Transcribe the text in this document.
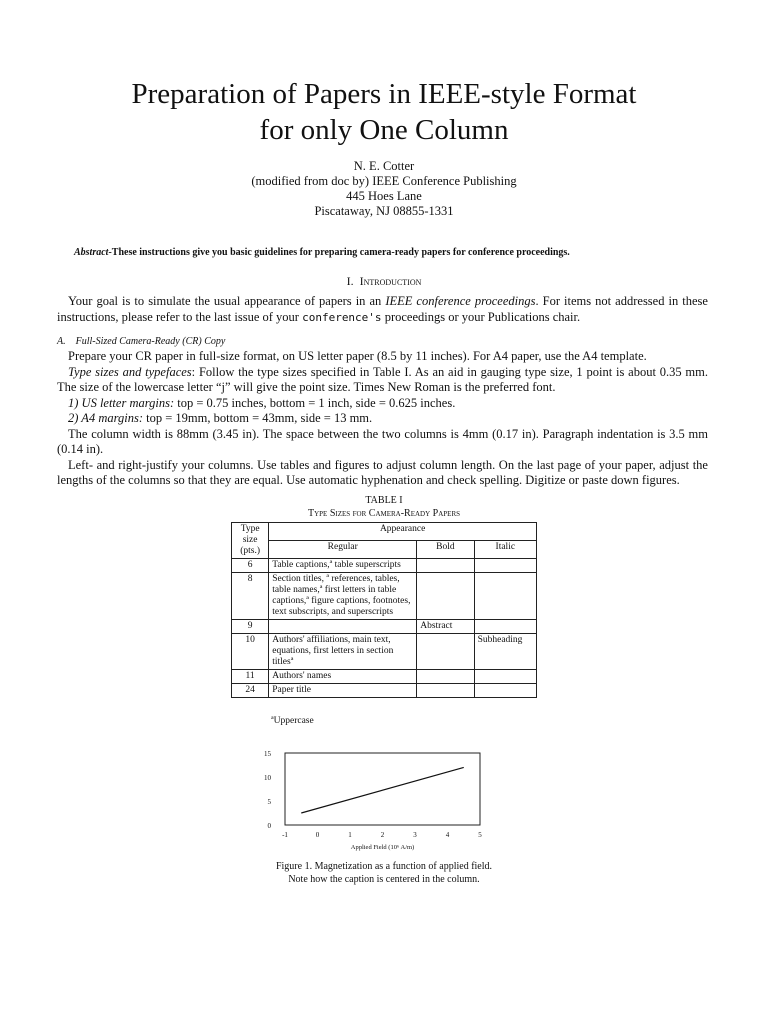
Preparation of Papers in IEEE-style Format
for only One Column
N. E. Cotter
(modified from doc by) IEEE Conference Publishing
445 Hoes Lane
Piscataway, NJ 08855-1331
Abstract-These instructions give you basic guidelines for preparing camera-ready papers for conference proceedings.
I. Introduction

Your goal is to simulate the usual appearance of papers in an IEEE conference proceedings. For items not addressed in these instructions, please refer to the last issue of your conference's proceedings or your Publications chair.

A.    Full-Sized Camera-Ready (CR) Copy

Prepare your CR paper in full-size format, on US letter paper (8.5 by 11 inches). For A4 paper, use the A4 template.

Type sizes and typefaces: Follow the type sizes specified in Table I. As an aid in gauging type size, 1 point is about 0.35 mm. The size of the lowercase letter “j” will give the point size. Times New Roman is the preferred font.

1) US letter margins: top = 0.75 inches, bottom = 1 inch, side = 0.625 inches.

2) A4 margins: top = 19mm, bottom = 43mm, side = 13 mm.

The column width is 88mm (3.45 in). The space between the two columns is 4mm (0.17 in). Paragraph indentation is 3.5 mm (0.14 in).

Left- and right-justify your columns. Use tables and figures to adjust column length. On the last page of your paper, adjust the lengths of the columns so that they are equal. Use automatic hyphenation and check spelling. Digitize or paste down figures.

TABLE I
Type Sizes for Camera-Ready Papers
Type size (pts.)	Appearance		
	Regular	Bold	Italic
6	Table captions,ª table superscripts		
8	Section titles, ª references, tables, table names,ª first letters in table captions,ª figure captions, footnotes, text subscripts, and superscripts		
9		Abstract	
10	Authors' affiliations, main text, equations, first letters in section titlesª		Subheading
11	Authors' names		
24	Paper title		
ªUppercase
0
5
10
15
-1	0	1	2	3	4	5
Applied Field (10⁶ A/m)
Figure 1. Magnetization as a function of applied field.
Note how the caption is centered in the column.
